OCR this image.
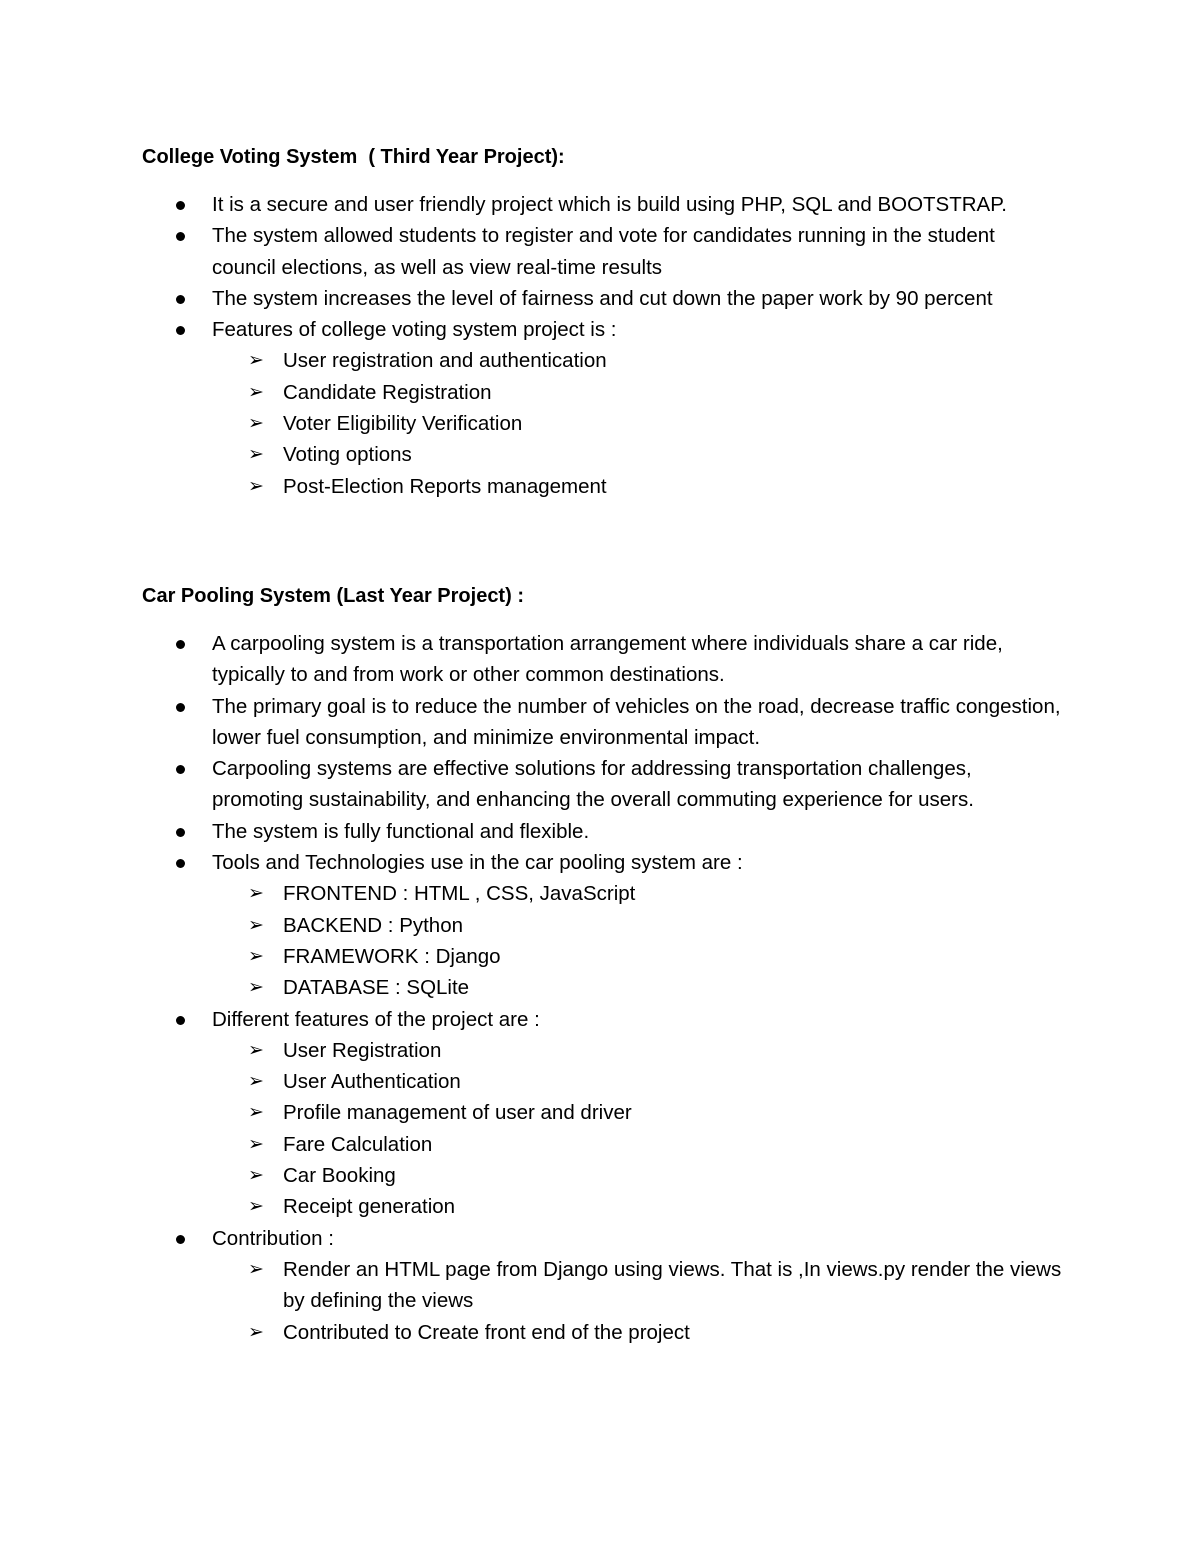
College Voting System  ( Third Year Project):
It is a secure and user friendly project which is build using PHP, SQL and BOOTSTRAP.
The system allowed students to register and vote for candidates running in the student council elections, as well as view real-time results
The system increases the level of fairness and cut down the paper work by 90 percent
Features of college voting system project is :
➢ User registration and authentication
➢ Candidate Registration
➢ Voter Eligibility Verification
➢ Voting options
➢ Post-Election Reports management
Car Pooling System (Last Year Project) :
A carpooling system is a transportation arrangement where individuals share a car ride, typically to and from work or other common destinations.
The primary goal is to reduce the number of vehicles on the road, decrease traffic congestion, lower fuel consumption, and minimize environmental impact.
Carpooling systems are effective solutions for addressing transportation challenges, promoting sustainability, and enhancing the overall commuting experience for users.
The system is fully functional and flexible.
Tools and Technologies use in the car pooling system are :
➢ FRONTEND : HTML , CSS, JavaScript
➢ BACKEND : Python
➢ FRAMEWORK : Django
➢ DATABASE : SQLite
Different features of the project are :
➢ User Registration
➢ User Authentication
➢ Profile management of user and driver
➢ Fare Calculation
➢ Car Booking
➢ Receipt generation
Contribution :
➢ Render an HTML page from Django using views. That is ,In views.py render the views by defining the views
➢ Contributed to Create front end of the project
